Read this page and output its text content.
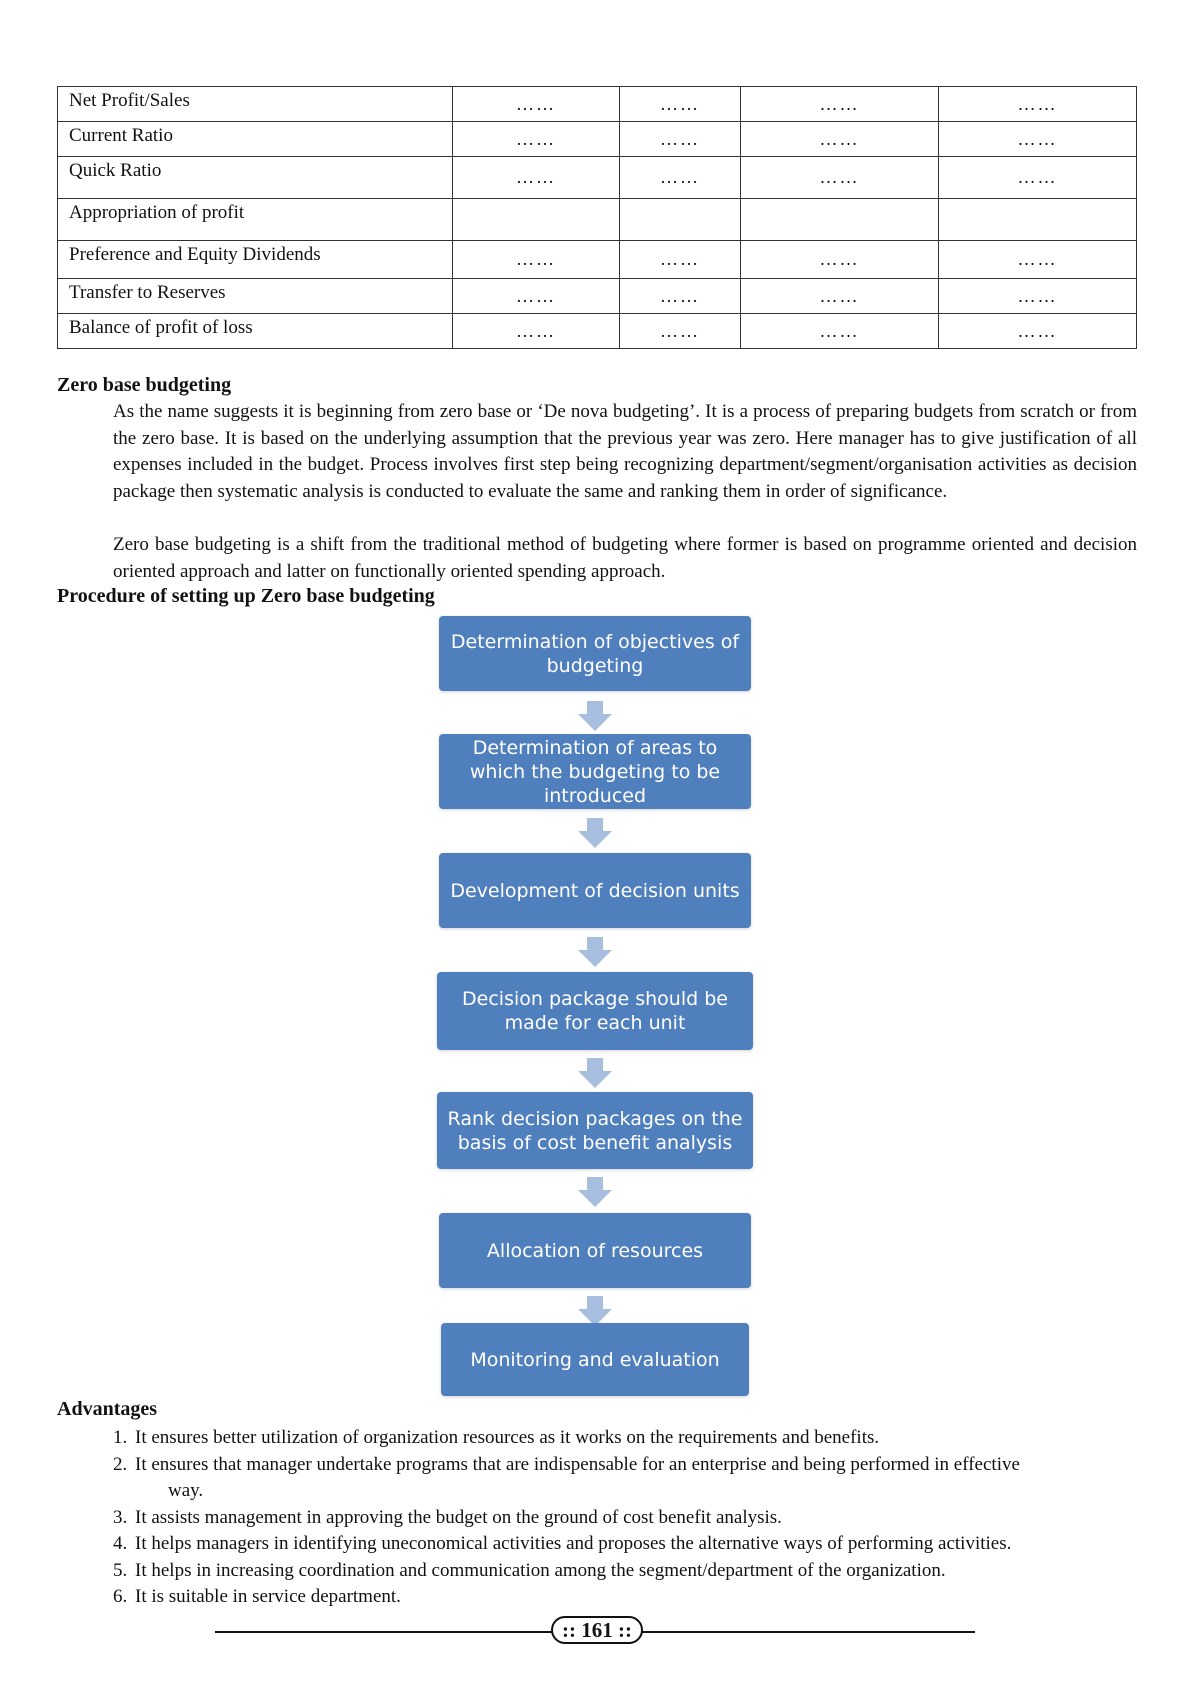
Net Profit/Sales	……	……	……	……
Current Ratio	……	……	……	……
Quick Ratio	……	……	……	……
Appropriation of profit				
Preference and Equity Dividends	……	……	……	……
Transfer to Reserves	……	……	……	……
Balance of profit of loss	……	……	……	……
Zero base budgeting

As the name suggests it is beginning from zero base or ‘De nova budgeting’. It is a process of preparing budgets from scratch or from the zero base. It is based on the underlying assumption that the previous year was zero. Here manager has to give justification of all expenses included in the budget. Process involves first step being recognizing department/segment/organisation activities as decision package then systematic analysis is conducted to evaluate the same and ranking them in order of significance.

Zero base budgeting is a shift from the traditional method of budgeting where former is based on programme oriented and decision oriented approach and latter on functionally oriented spending approach.

Procedure of setting up Zero base budgeting
Determination of objectives of budgeting
Determination of areas to which the budgeting to be introduced
Development of decision units
Decision package should be made for each unit
Rank decision packages on the basis of cost benefit analysis
Allocation of resources
Monitoring and evaluation
Advantages
1. It ensures better utilization of organization resources as it works on the requirements and benefits.
2. It ensures that manager undertake programs that are indispensable for an enterprise and being performed in effective
way.
3. It assists management in approving the budget on the ground of cost benefit analysis.
4. It helps managers in identifying uneconomical activities and proposes the alternative ways of performing activities.
5. It helps in increasing coordination and communication among the segment/department of the organization.
6. It is suitable in service department.
:: 161 ::
